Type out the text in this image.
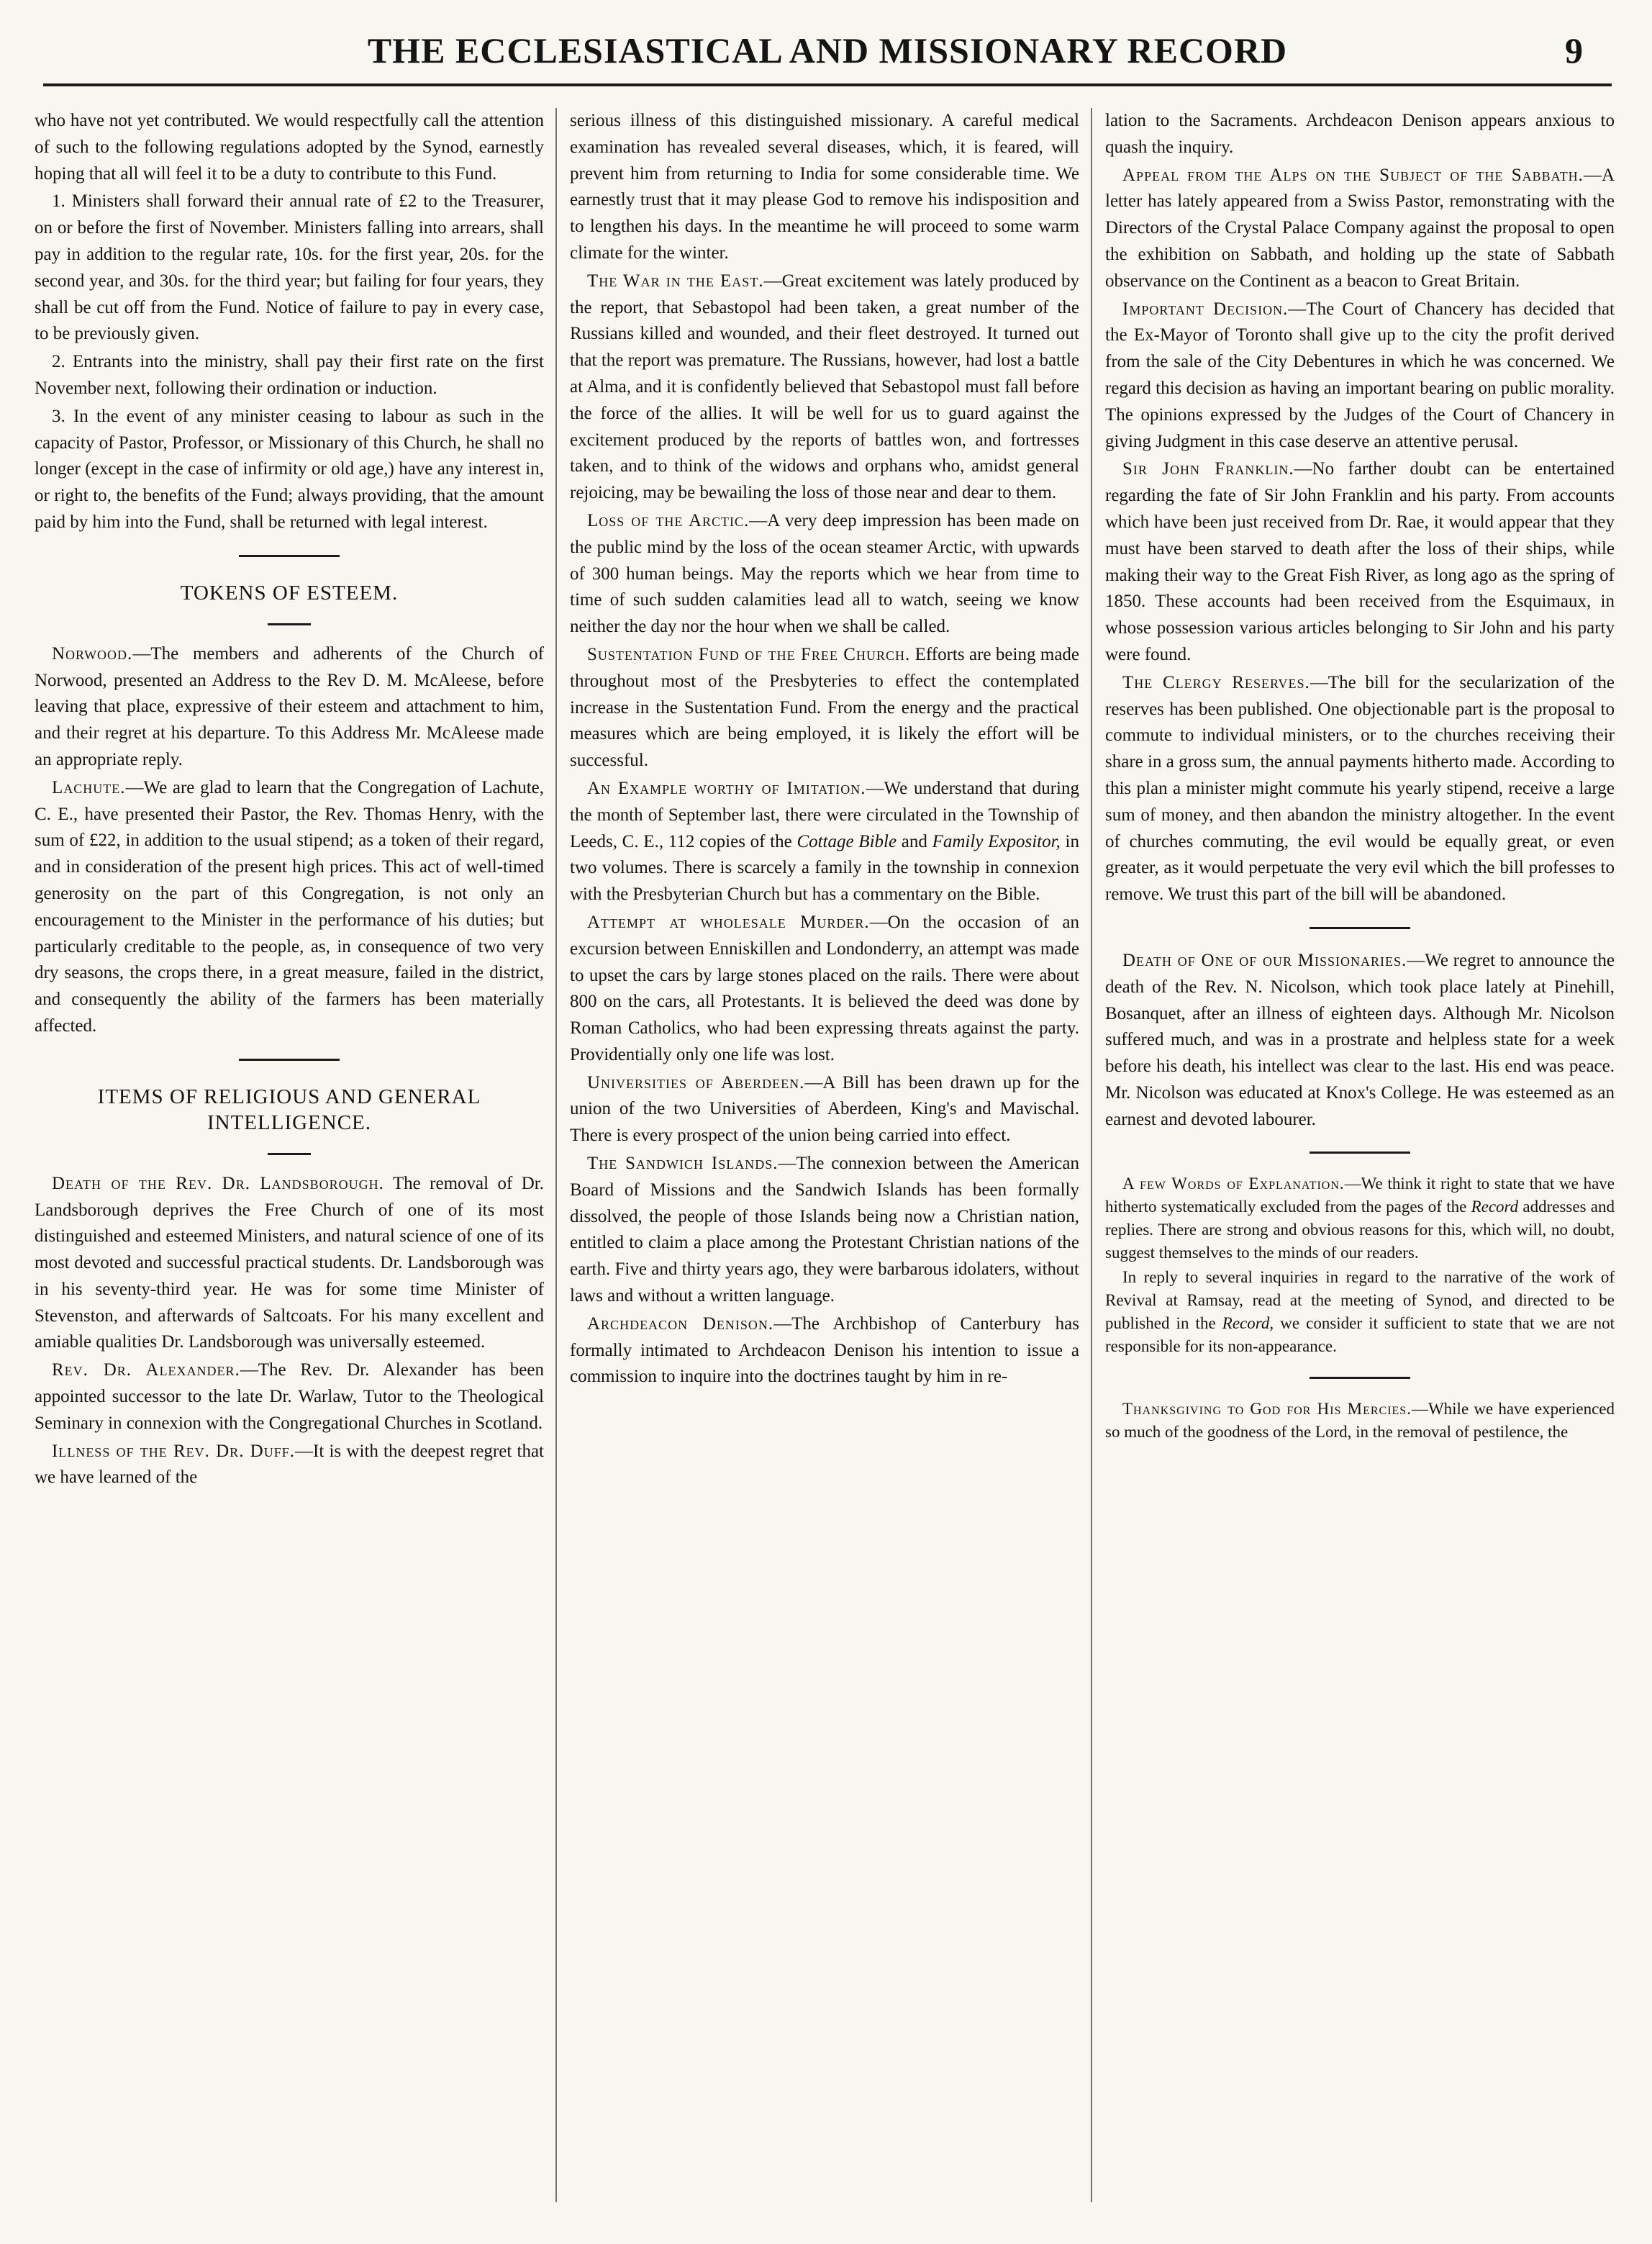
THE ECCLESIASTICAL AND MISSIONARY RECORD	9

who have not yet contributed. We would respectfully call the attention of such to the following regulations adopted by the Synod, earnestly hoping that all will feel it to be a duty to contribute to this Fund.

1. Ministers shall forward their annual rate of £2 to the Treasurer, on or before the first of November. Ministers falling into arrears, shall pay in addition to the regular rate, 10s. for the first year, 20s. for the second year, and 30s. for the third year; but failing for four years, they shall be cut off from the Fund. Notice of failure to pay in every case, to be previously given.

2. Entrants into the ministry, shall pay their first rate on the first November next, following their ordination or induction.

3. In the event of any minister ceasing to labour as such in the capacity of Pastor, Professor, or Missionary of this Church, he shall no longer (except in the case of infirmity or old age,) have any interest in, or right to, the benefits of the Fund; always providing, that the amount paid by him into the Fund, shall be returned with legal interest.

TOKENS OF ESTEEM.

Norwood.—The members and adherents of the Church of Norwood, presented an Address to the Rev D. M. McAleese, before leaving that place, expressive of their esteem and attachment to him, and their regret at his departure. To this Address Mr. McAleese made an appropriate reply.

Lachute.—We are glad to learn that the Congregation of Lachute, C. E., have presented their Pastor, the Rev. Thomas Henry, with the sum of £22, in addition to the usual stipend; as a token of their regard, and in consideration of the present high prices. This act of well-timed generosity on the part of this Congregation, is not only an encouragement to the Minister in the performance of his duties; but particularly creditable to the people, as, in consequence of two very dry seasons, the crops there, in a great measure, failed in the district, and consequently the ability of the farmers has been materially affected.

ITEMS OF RELIGIOUS AND GENERAL INTELLIGENCE.

Death of the Rev. Dr. Landsborough. The removal of Dr. Landsborough deprives the Free Church of one of its most distinguished and esteemed Ministers, and natural science of one of its most devoted and successful practical students. Dr. Landsborough was in his seventy-third year. He was for some time Minister of Stevenston, and afterwards of Saltcoats. For his many excellent and amiable qualities Dr. Landsborough was universally esteemed.

Rev. Dr. Alexander.—The Rev. Dr. Alexander has been appointed successor to the late Dr. Warlaw, Tutor to the Theological Seminary in connexion with the Congregational Churches in Scotland.

Illness of the Rev. Dr. Duff.—It is with the deepest regret that we have learned of the

serious illness of this distinguished missionary. A careful medical examination has revealed several diseases, which, it is feared, will prevent him from returning to India for some considerable time. We earnestly trust that it may please God to remove his indisposition and to lengthen his days. In the meantime he will proceed to some warm climate for the winter.

The War in the East.—Great excitement was lately produced by the report, that Sebastopol had been taken, a great number of the Russians killed and wounded, and their fleet destroyed. It turned out that the report was premature. The Russians, however, had lost a battle at Alma, and it is confidently believed that Sebastopol must fall before the force of the allies. It will be well for us to guard against the excitement produced by the reports of battles won, and fortresses taken, and to think of the widows and orphans who, amidst general rejoicing, may be bewailing the loss of those near and dear to them.

Loss of the Arctic.—A very deep impression has been made on the public mind by the loss of the ocean steamer Arctic, with upwards of 300 human beings. May the reports which we hear from time to time of such sudden calamities lead all to watch, seeing we know neither the day nor the hour when we shall be called.

Sustentation Fund of the Free Church. Efforts are being made throughout most of the Presbyteries to effect the contemplated increase in the Sustentation Fund. From the energy and the practical measures which are being employed, it is likely the effort will be successful.

An Example worthy of Imitation.—We understand that during the month of September last, there were circulated in the Township of Leeds, C. E., 112 copies of the Cottage Bible and Family Expositor, in two volumes. There is scarcely a family in the township in connexion with the Presbyterian Church but has a commentary on the Bible.

Attempt at wholesale Murder.—On the occasion of an excursion between Enniskillen and Londonderry, an attempt was made to upset the cars by large stones placed on the rails. There were about 800 on the cars, all Protestants. It is believed the deed was done by Roman Catholics, who had been expressing threats against the party. Providentially only one life was lost.

Universities of Aberdeen.—A Bill has been drawn up for the union of the two Universities of Aberdeen, King's and Mavischal. There is every prospect of the union being carried into effect.

The Sandwich Islands.—The connexion between the American Board of Missions and the Sandwich Islands has been formally dissolved, the people of those Islands being now a Christian nation, entitled to claim a place among the Protestant Christian nations of the earth. Five and thirty years ago, they were barbarous idolaters, without laws and without a written language.

Archdeacon Denison.—The Archbishop of Canterbury has formally intimated to Archdeacon Denison his intention to issue a commission to inquire into the doctrines taught by him in re-

lation to the Sacraments. Archdeacon Denison appears anxious to quash the inquiry.

Appeal from the Alps on the Subject of the Sabbath.—A letter has lately appeared from a Swiss Pastor, remonstrating with the Directors of the Crystal Palace Company against the proposal to open the exhibition on Sabbath, and holding up the state of Sabbath observance on the Continent as a beacon to Great Britain.

Important Decision.—The Court of Chancery has decided that the Ex-Mayor of Toronto shall give up to the city the profit derived from the sale of the City Debentures in which he was concerned. We regard this decision as having an important bearing on public morality. The opinions expressed by the Judges of the Court of Chancery in giving Judgment in this case deserve an attentive perusal.

Sir John Franklin.—No farther doubt can be entertained regarding the fate of Sir John Franklin and his party. From accounts which have been just received from Dr. Rae, it would appear that they must have been starved to death after the loss of their ships, while making their way to the Great Fish River, as long ago as the spring of 1850. These accounts had been received from the Esquimaux, in whose possession various articles belonging to Sir John and his party were found.

The Clergy Reserves.—The bill for the secularization of the reserves has been published. One objectionable part is the proposal to commute to individual ministers, or to the churches receiving their share in a gross sum, the annual payments hitherto made. According to this plan a minister might commute his yearly stipend, receive a large sum of money, and then abandon the ministry altogether. In the event of churches commuting, the evil would be equally great, or even greater, as it would perpetuate the very evil which the bill professes to remove. We trust this part of the bill will be abandoned.

Death of One of our Missionaries.—We regret to announce the death of the Rev. N. Nicolson, which took place lately at Pinehill, Bosanquet, after an illness of eighteen days. Although Mr. Nicolson suffered much, and was in a prostrate and helpless state for a week before his death, his intellect was clear to the last. His end was peace. Mr. Nicolson was educated at Knox's College. He was esteemed as an earnest and devoted labourer.

A few Words of Explanation.—We think it right to state that we have hitherto systematically excluded from the pages of the Record addresses and replies. There are strong and obvious reasons for this, which will, no doubt, suggest themselves to the minds of our readers.

In reply to several inquiries in regard to the narrative of the work of Revival at Ramsay, read at the meeting of Synod, and directed to be published in the Record, we consider it sufficient to state that we are not responsible for its non-appearance.

Thanksgiving to God for His Mercies.—While we have experienced so much of the goodness of the Lord, in the removal of pestilence, the
